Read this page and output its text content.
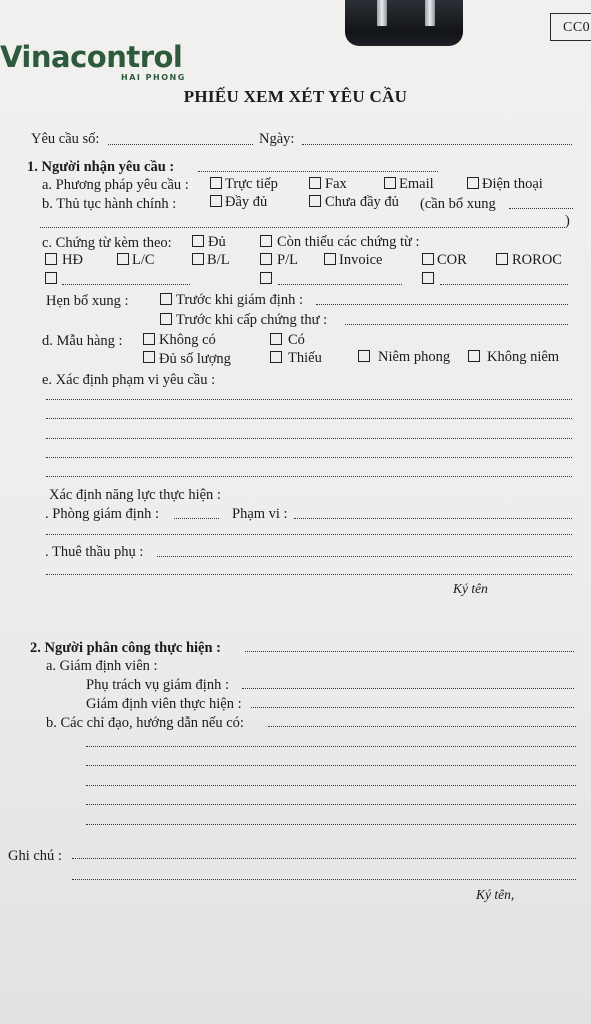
CC0
Vinacontrol
HAI PHONG
PHIẾU XEM XÉT YÊU CẦU
Yêu cầu số:	Ngày:
1. Người nhận yêu cầu :
a. Phương pháp yêu cầu : Trực tiếp	Fax	Email	Điện thoại
b. Thủ tục hành chính :	Đầy đủ	Chưa đầy đủ (cần bổ xung
)
c. Chứng từ kèm theo:	Đủ	Còn thiếu các chứng từ :
HĐ	L/C	B/L	P/L	Invoice	COR	ROROC
Hẹn bổ xung :	Trước khi giám định :
Trước khi cấp chứng thư :
d. Mẫu hàng :	Không có	Có
Đủ số lượng	Thiếu	Niêm phong	Không niêm
e. Xác định phạm vi yêu cầu :
Xác định năng lực thực hiện :
. Phòng giám định :	Phạm vi :
. Thuê thầu phụ :
Ký tên
2. Người phân công thực hiện :
a. Giám định viên :
Phụ trách vụ giám định :
Giám định viên thực hiện :
b. Các chỉ đạo, hướng dẫn nếu có:
Ghi chú :
Ký tên,
